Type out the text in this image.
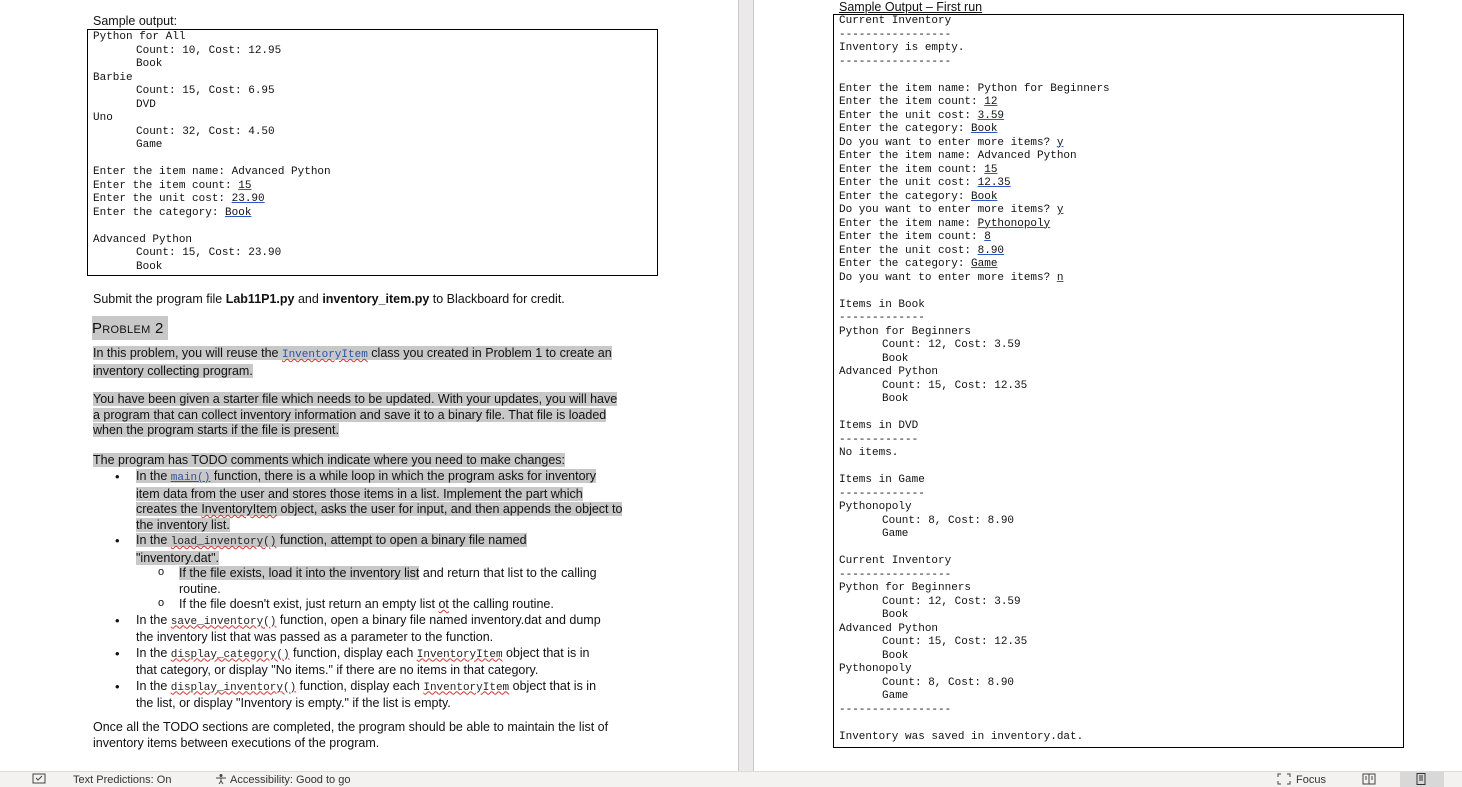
Sample output:
Python for All
Count: 10, Cost: 12.95
Book
Barbie
Count: 15, Cost: 6.95
DVD
Uno
Count: 32, Cost: 4.50
Game
Enter the item name: Advanced Python
Enter the item count: 15
Enter the unit cost: 23.90
Enter the category: Book
Advanced Python
Count: 15, Cost: 23.90
Book
Submit the program file Lab11P1.py and inventory_item.py to Blackboard for credit.
Problem 2
In this problem, you will reuse the InventoryItem class you created in Problem 1 to create an
inventory collecting program.
You have been given a starter file which needs to be updated. With your updates, you will have
a program that can collect inventory information and save it to a binary file. That file is loaded
when the program starts if the file is present.
The program has TODO comments which indicate where you need to make changes:
• In the main() function, there is a while loop in which the program asks for inventory
item data from the user and stores those items in a list. Implement the part which
creates the InventoryItem object, asks the user for input, and then appends the object to
the inventory list.
• In the load_inventory() function, attempt to open a binary file named
"inventory.dat".
o If the file exists, load it into the inventory list and return that list to the calling
routine.
o If the file doesn't exist, just return an empty list ot the calling routine.
• In the save_inventory() function, open a binary file named inventory.dat and dump
the inventory list that was passed as a parameter to the function.
• In the display_category() function, display each InventoryItem object that is in
that category, or display "No items." if there are no items in that category.
• In the display_inventory() function, display each InventoryItem object that is in
the list, or display "Inventory is empty." if the list is empty.
Once all the TODO sections are completed, the program should be able to maintain the list of
inventory items between executions of the program.
Sample Output – First run
Current Inventory
-----------------
Inventory is empty.
-----------------
Enter the item name: Python for Beginners
Enter the item count: 12
Enter the unit cost: 3.59
Enter the category: Book
Do you want to enter more items? y
Enter the item name: Advanced Python
Enter the item count: 15
Enter the unit cost: 12.35
Enter the category: Book
Do you want to enter more items? y
Enter the item name: Pythonopoly
Enter the item count: 8
Enter the unit cost: 8.90
Enter the category: Game
Do you want to enter more items? n
Items in Book
-------------
Python for Beginners
Count: 12, Cost: 3.59
Book
Advanced Python
Count: 15, Cost: 12.35
Book
Items in DVD
------------
No items.
Items in Game
-------------
Pythonopoly
Count: 8, Cost: 8.90
Game
Current Inventory
-----------------
Python for Beginners
Count: 12, Cost: 3.59
Book
Advanced Python
Count: 15, Cost: 12.35
Book
Pythonopoly
Count: 8, Cost: 8.90
Game
-----------------
Inventory was saved in inventory.dat.
Text Predictions: On	Accessibility: Good to go	Focus
